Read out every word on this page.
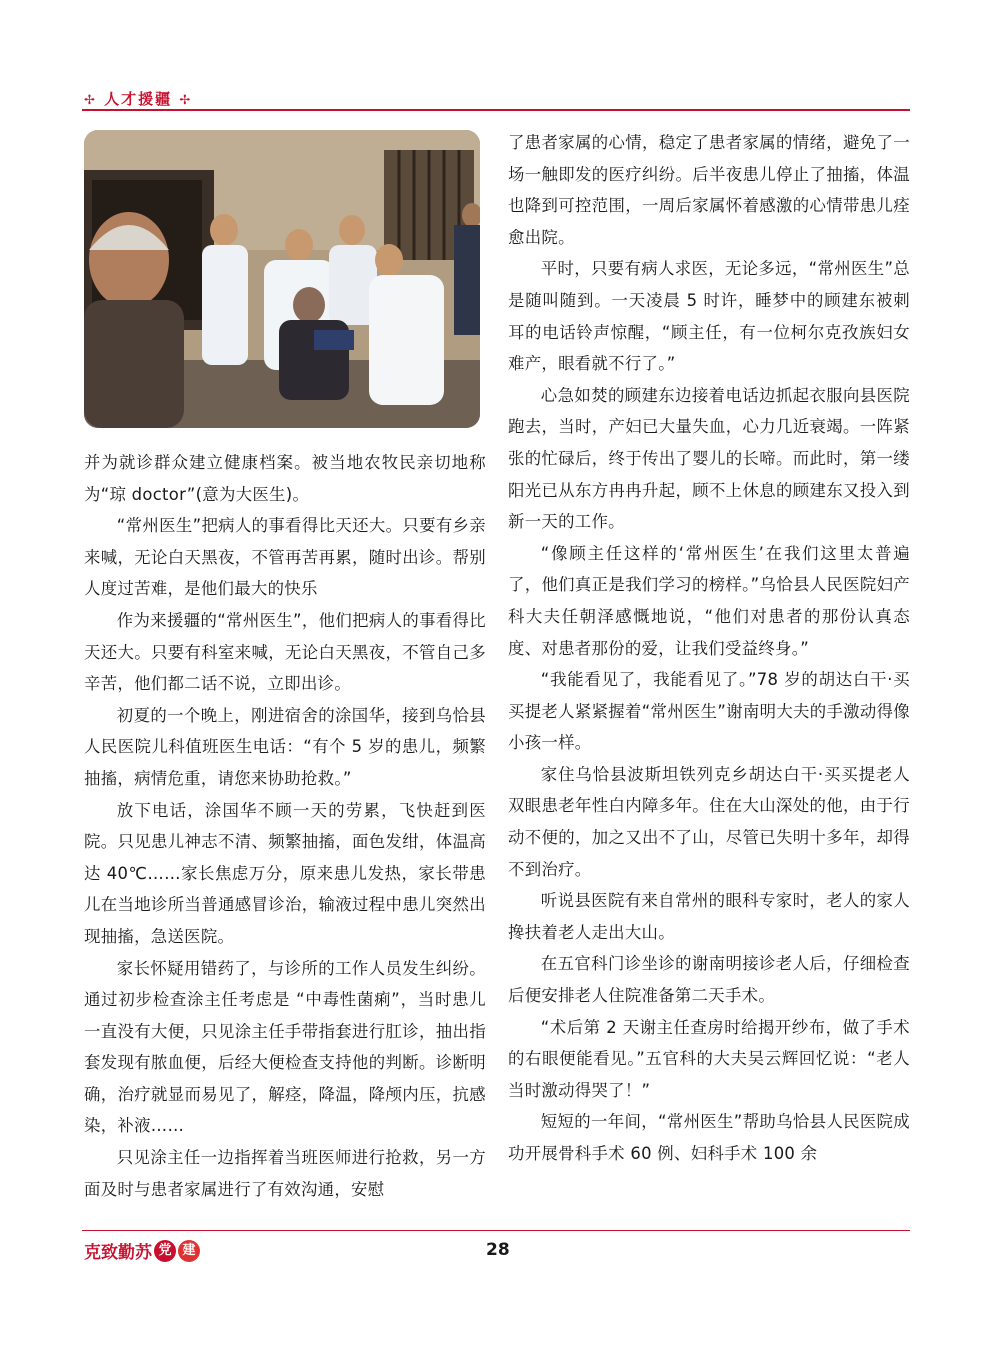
✢ 人才援疆 ✢

并为就诊群众建立健康档案。被当地农牧民亲切地称为“琼 doctor”(意为大医生)。

“常州医生”把病人的事看得比天还大。只要有乡亲来喊，无论白天黑夜，不管再苦再累，随时出诊。帮别人度过苦难，是他们最大的快乐

作为来援疆的“常州医生”，他们把病人的事看得比天还大。只要有科室来喊，无论白天黑夜，不管自己多辛苦，他们都二话不说，立即出诊。

初夏的一个晚上，刚进宿舍的涂国华，接到乌恰县人民医院儿科值班医生电话：“有个 5 岁的患儿，频繁抽搐，病情危重，请您来协助抢救。”

放下电话，涂国华不顾一天的劳累，飞快赶到医院。只见患儿神志不清、频繁抽搐，面色发绀，体温高达 40℃……家长焦虑万分，原来患儿发热，家长带患儿在当地诊所当普通感冒诊治，输液过程中患儿突然出现抽搐，急送医院。

家长怀疑用错药了，与诊所的工作人员发生纠纷。通过初步检查涂主任考虑是 “中毒性菌痢”，当时患儿一直没有大便，只见涂主任手带指套进行肛诊，抽出指套发现有脓血便，后经大便检查支持他的判断。诊断明确，治疗就显而易见了，解痉，降温，降颅内压，抗感染，补液……

只见涂主任一边指挥着当班医师进行抢救，另一方面及时与患者家属进行了有效沟通，安慰

了患者家属的心情，稳定了患者家属的情绪，避免了一场一触即发的医疗纠纷。后半夜患儿停止了抽搐，体温也降到可控范围，一周后家属怀着感激的心情带患儿痊愈出院。

平时，只要有病人求医，无论多远，“常州医生”总是随叫随到。一天凌晨 5 时许，睡梦中的顾建东被刺耳的电话铃声惊醒，“顾主任，有一位柯尔克孜族妇女难产，眼看就不行了。”

心急如焚的顾建东边接着电话边抓起衣服向县医院跑去，当时，产妇已大量失血，心力几近衰竭。一阵紧张的忙碌后，终于传出了婴儿的长啼。而此时，第一缕阳光已从东方冉冉升起，顾不上休息的顾建东又投入到新一天的工作。

“像顾主任这样的‘常州医生’在我们这里太普遍了，他们真正是我们学习的榜样。”乌恰县人民医院妇产科大夫任朝泽感慨地说，“他们对患者的那份认真态度、对患者那份的爱，让我们受益终身。”

“我能看见了，我能看见了。”78 岁的胡达白干·买买提老人紧紧握着“常州医生”谢南明大夫的手激动得像小孩一样。

家住乌恰县波斯坦铁列克乡胡达白干·买买提老人双眼患老年性白内障多年。住在大山深处的他，由于行动不便的，加之又出不了山，尽管已失明十多年，却得不到治疗。

听说县医院有来自常州的眼科专家时，老人的家人搀扶着老人走出大山。

在五官科门诊坐诊的谢南明接诊老人后，仔细检查后便安排老人住院准备第二天手术。

“术后第 2 天谢主任查房时给揭开纱布，做了手术的右眼便能看见。”五官科的大夫吴云辉回忆说：“老人当时激动得哭了！”

短短的一年间，“常州医生”帮助乌恰县人民医院成功开展骨科手术 60 例、妇科手术 100 余

克致勤苏 党 建	28
